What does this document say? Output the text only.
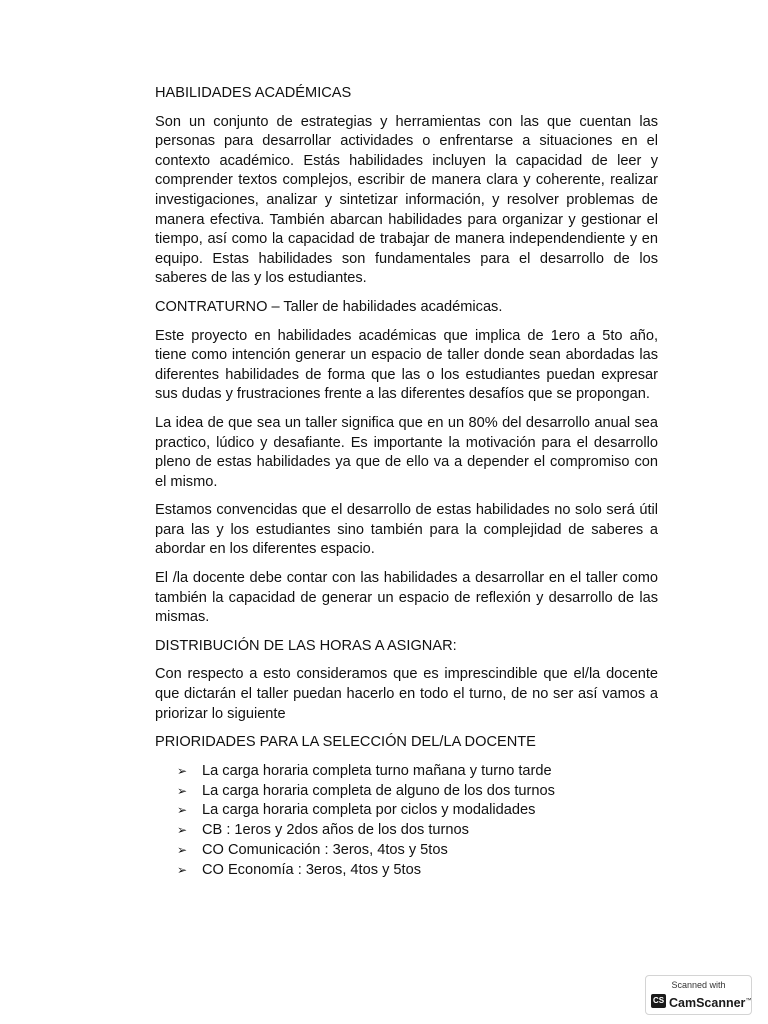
HABILIDADES ACADÉMICAS

Son un conjunto de estrategias y herramientas con las que cuentan las personas para desarrollar actividades o enfrentarse a situaciones en el contexto académico. Estás habilidades incluyen la capacidad de leer y comprender textos complejos, escribir de manera clara y coherente, realizar investigaciones, analizar y sintetizar información, y resolver problemas de manera efectiva. También abarcan habilidades para organizar y gestionar el tiempo, así como la capacidad de trabajar de manera independendiente y en equipo. Estas habilidades son fundamentales para el desarrollo de los saberes de las y los estudiantes.

CONTRATURNO – Taller de habilidades académicas.

Este proyecto en habilidades académicas que implica de 1ero a 5to año, tiene como intención generar un espacio de taller donde sean abordadas las diferentes habilidades de forma que las o los estudiantes puedan expresar sus dudas y frustraciones frente a las diferentes desafíos que se propongan.

La idea de que sea un taller significa que en un 80% del desarrollo anual sea practico, lúdico y desafiante. Es importante la motivación para el desarrollo pleno de estas habilidades ya que de ello va a depender el compromiso con el mismo.

Estamos convencidas que el desarrollo de estas habilidades no solo será útil para las y los estudiantes sino también para la complejidad de saberes a abordar en los diferentes espacio.

El /la docente debe contar con las habilidades a desarrollar en el taller como también la capacidad de generar un espacio de reflexión y desarrollo de las mismas.

DISTRIBUCIÓN DE LAS HORAS A ASIGNAR:

Con respecto a esto consideramos que es imprescindible que el/la docente que dictarán el taller puedan hacerlo en todo el turno, de no ser así vamos a priorizar lo siguiente

PRIORIDADES PARA LA SELECCIÓN DEL/LA DOCENTE

➢ La carga horaria completa turno mañana y turno tarde
➢ La carga horaria completa de alguno de los dos turnos
➢ La carga horaria completa por ciclos y modalidades
➢ CB : 1eros y 2dos años de los dos turnos
➢ CO Comunicación : 3eros, 4tos y 5tos
➢ CO Economía : 3eros, 4tos y 5tos
Scanned with
CS CamScanner™
